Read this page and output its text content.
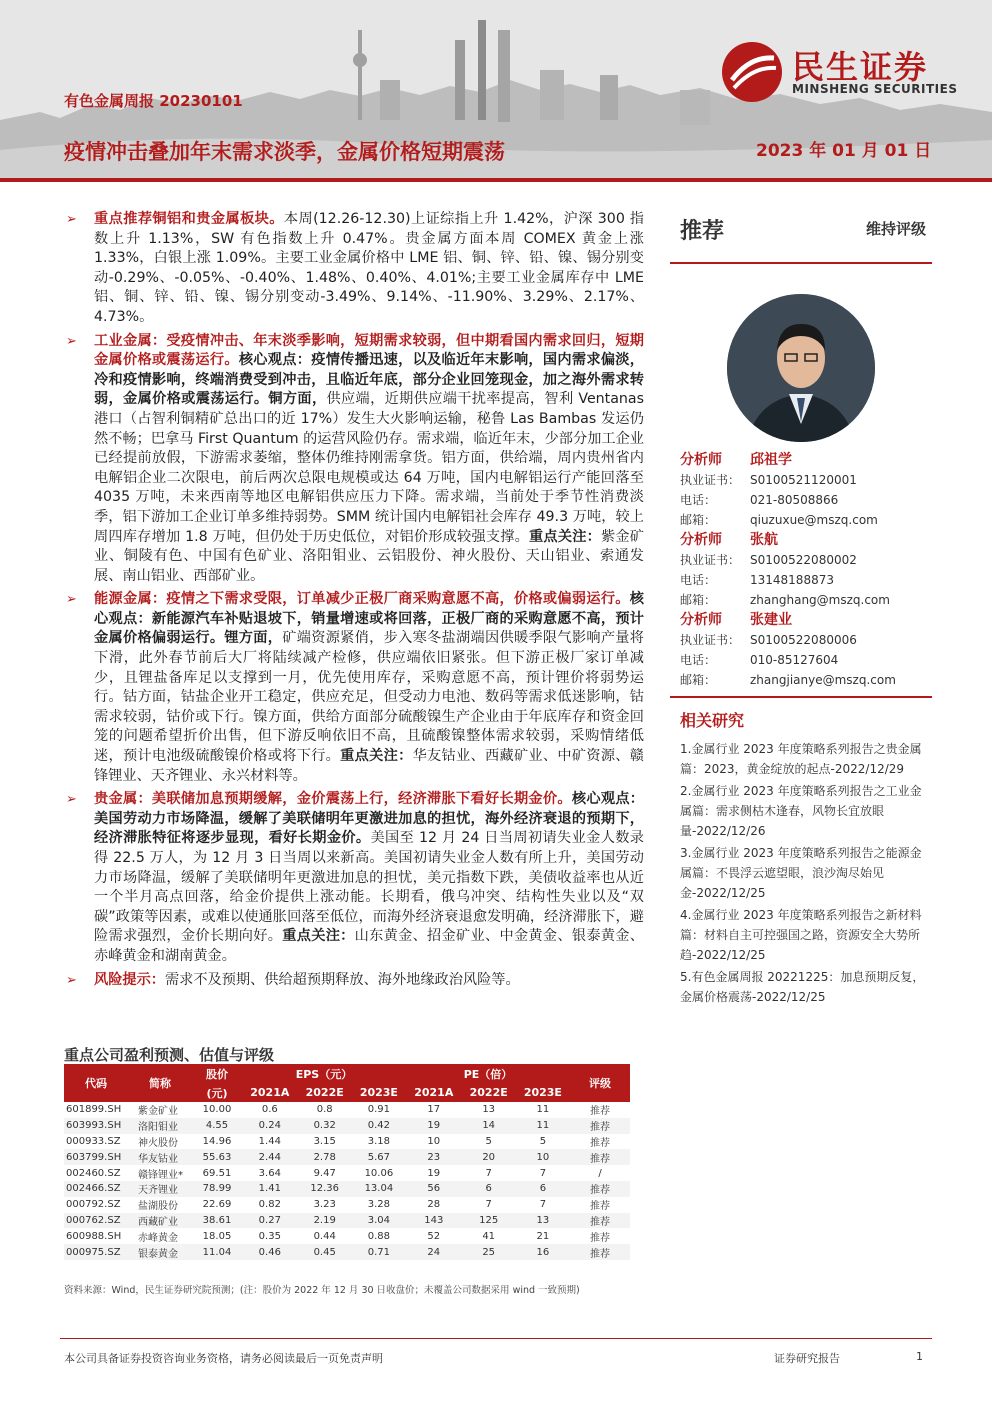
民生证券
MINSHENG SECURITIES
有色金属周报 20230101
疫情冲击叠加年末需求淡季，金属价格短期震荡	2023 年 01 月 01 日
➢ 重点推荐铜铝和贵金属板块。本周(12.26-12.30)上证综指上升 1.42%，沪深 300 指数上升 1.13%，SW 有色指数上升 0.47%。贵金属方面本周 COMEX 黄金上涨 1.33%，白银上涨 1.09%。主要工业金属价格中 LME 铝、铜、锌、铅、镍、锡分别变动-0.29%、-0.05%、-0.40%、1.48%、0.40%、4.01%;主要工业金属库存中 LME 铝、铜、锌、铅、镍、锡分别变动-3.49%、9.14%、-11.90%、3.29%、2.17%、4.73%。
➢ 工业金属：受疫情冲击、年末淡季影响，短期需求较弱，但中期看国内需求回归，短期金属价格或震荡运行。核心观点：疫情传播迅速，以及临近年末影响，国内需求偏淡，冷和疫情影响，终端消费受到冲击，且临近年底，部分企业回笼现金，加之海外需求转弱，金属价格或震荡运行。铜方面，供应端，近期供应端干扰率提高，智利 Ventanas 港口（占智利铜精矿总出口的近 17%）发生大火影响运输，秘鲁 Las Bambas 发运仍然不畅；巴拿马 First Quantum 的运营风险仍存。需求端，临近年末，少部分加工企业已经提前放假，下游需求萎缩，整体仍维持刚需拿货。铝方面，供给端，周内贵州省内电解铝企业二次限电，前后两次总限电规模或达 64 万吨，国内电解铝运行产能回落至 4035 万吨，未来西南等地区电解铝供应压力下降。需求端，当前处于季节性消费淡季，铝下游加工企业订单多维持弱势。SMM 统计国内电解铝社会库存 49.3 万吨，较上周四库存增加 1.8 万吨，但仍处于历史低位，对铝价形成较强支撑。重点关注：紫金矿业、铜陵有色、中国有色矿业、洛阳钼业、云铝股份、神火股份、天山铝业、索通发展、南山铝业、西部矿业。
➢ 能源金属：疫情之下需求受限，订单减少正极厂商采购意愿不高，价格或偏弱运行。核心观点：新能源汽车补贴退坡下，销量增速或将回落，正极厂商的采购意愿不高，预计金属价格偏弱运行。锂方面，矿端资源紧俏，步入寒冬盐湖端因供暖季限气影响产量将下滑，此外春节前后大厂将陆续减产检修，供应端依旧紧张。但下游正极厂家订单减少，且锂盐备库足以支撑到一月，优先使用库存，采购意愿不高，预计锂价将弱势运行。钴方面，钴盐企业开工稳定，供应充足，但受动力电池、数码等需求低迷影响，钴需求较弱，钴价或下行。镍方面，供给方面部分硫酸镍生产企业由于年底库存和资金回笼的问题希望折价出售，但下游反响依旧不高，且硫酸镍整体需求较弱，采购情绪低迷，预计电池级硫酸镍价格或将下行。重点关注：华友钴业、西藏矿业、中矿资源、赣锋锂业、天齐锂业、永兴材料等。
➢ 贵金属：美联储加息预期缓解，金价震荡上行，经济滞胀下看好长期金价。核心观点：美国劳动力市场降温，缓解了美联储明年更激进加息的担忧，海外经济衰退的预期下，经济滞胀特征将逐步显现，看好长期金价。美国至 12 月 24 日当周初请失业金人数录得 22.5 万人，为 12 月 3 日当周以来新高。美国初请失业金人数有所上升，美国劳动力市场降温，缓解了美联储明年更激进加息的担忧，美元指数下跌，美债收益率也从近一个半月高点回落，给金价提供上涨动能。长期看，俄乌冲突、结构性失业以及“双碳”政策等因素，或难以使通胀回落至低位，而海外经济衰退愈发明确，经济滞胀下，避险需求强烈，金价长期向好。重点关注：山东黄金、招金矿业、中金黄金、银泰黄金、赤峰黄金和湖南黄金。
➢ 风险提示：需求不及预期、供给超预期释放、海外地缘政治风险等。
推荐	维持评级
分析师	邱祖学
执业证书： S0100521120001
电话：	021-80508866
邮箱：	qiuzuxue@mszq.com
分析师	张航
执业证书： S0100522080002
电话：	13148188873
邮箱：	zhanghang@mszq.com
分析师	张建业
执业证书： S0100522080006
电话：	010-85127604
邮箱：	zhangjianye@mszq.com
相关研究
1.金属行业 2023 年度策略系列报告之贵金属篇：2023，黄金绽放的起点-2022/12/29
2.金属行业 2023 年度策略系列报告之工业金属篇：需求侧枯木逢春，风物长宜放眼量-2022/12/26
3.金属行业 2023 年度策略系列报告之能源金属篇：不畏浮云遮望眼，浪沙淘尽始见金-2022/12/25
4.金属行业 2023 年度策略系列报告之新材料篇：材料自主可控强国之路，资源安全大势所趋-2022/12/25
5.有色金属周报 20221225：加息预期反复，金属价格震荡-2022/12/25
重点公司盈利预测、估值与评级
代码	简称	股价	EPS（元）			PE（倍）			评级
		(元)	2021A	2022E	2023E	2021A	2022E	2023E	
601899.SH	紫金矿业	10.00	0.6	0.8	0.91	17	13	11	推荐
603993.SH	洛阳钼业	4.55	0.24	0.32	0.42	19	14	11	推荐
000933.SZ	神火股份	14.96	1.44	3.15	3.18	10	5	5	推荐
603799.SH	华友钴业	55.63	2.44	2.78	5.67	23	20	10	推荐
002460.SZ	赣锋锂业*	69.51	3.64	9.47	10.06	19	7	7	/
002466.SZ	天齐锂业	78.99	1.41	12.36	13.04	56	6	6	推荐
000792.SZ	盐湖股份	22.69	0.82	3.23	3.28	28	7	7	推荐
000762.SZ	西藏矿业	38.61	0.27	2.19	3.04	143	125	13	推荐
600988.SH	赤峰黄金	18.05	0.35	0.44	0.88	52	41	21	推荐
000975.SZ	银泰黄金	11.04	0.46	0.45	0.71	24	25	16	推荐
资料来源：Wind，民生证券研究院预测；(注：股价为 2022 年 12 月 30 日收盘价；未覆盖公司数据采用 wind 一致预期)
本公司具备证券投资咨询业务资格，请务必阅读最后一页免责声明	证券研究报告	1
